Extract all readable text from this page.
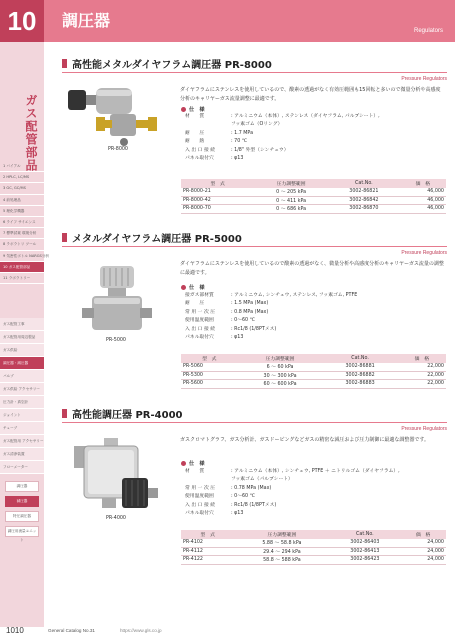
10	調圧器
Regulators
ガス配管部品
1 バイアル
2 HPLC, LC/MS
3 GC, GC/MS
4 前処理品
5 理化学機器
6 ライフ サイエンス
7 標準試薬 環境分析
8 ラボラトリ ツール
9 気密性ボトル NARGS分析
10 ガス配管部品
11 ラボラトリー
ガス配管工事
ガス配管用周辺製品
ガス供給
調圧器・減圧器
バルブ
ガス供給 アクセサリー
圧力計・真空計
ジョイント
チューブ
ガス配管用 アクセサリー
ガス清浄装置
フローメーター
調圧器
減圧器
特圧調圧器
調圧用流量ユニット
高性能メタルダイヤフラム調圧器 PR-8000
Pressure Regulators
PR-8000
ダイヤフラムにステンレスを使用しているので、酸素の透過がなく有効圧範囲も15回転と多いので微量分析や高感度分析のキャリヤーガス流量調整に最適です。
仕　様
材　　質	: アルミニウム（本体）, ステンレス（ダイヤフラム, パルブシート）,
フッ素ゴム（Oリング）
耐　　圧	: 1.7 MPa
耐　　熱	: 70 ℃
入 出 口 接 続	: 1/8" 外型（シンチュウ）
パネル取付穴	: φ13
型　式	圧力調整範囲	Cat.No.	価　格
PR-8000-21	0 〜 205 kPa	3002-86821	46,000
PR-8000-42	0 〜 411 kPa	3002-86842	46,000
PR-8000-70	0 〜 686 kPa	3002-86870	46,000
メタルダイヤフラム調圧器 PR-5000
Pressure Regulators
PR-5000
ダイヤフラムにステンレスを使用しているので酸素の透過がなく、微量分析や高感度分析のキャリヤーガス流量の調整に最適です。
仕　様
接ガス部材質	: アルミニウム, シンチュウ, ステンレス, フッ素ゴム, PTFE
耐　　圧	: 1.5 MPa (Max)
常 用 一 次 圧	: 0.8 MPa (Max)
使用温度範囲	: 0〜60 ℃
入 出 口 接 続	: Rc1/8 (1/8PTメス)
パネル取付穴	: φ13
型　式	圧力調整範囲	Cat.No.	価　格
PR-5060	6 〜 60 kPa	3002-86881	22,000
PR-5300	30 〜 300 kPa	3002-86882	22,000
PR-5600	60 〜 600 kPa	3002-86883	22,000
高性能調圧器 PR-4000
Pressure Regulators
PR-4000
ガスクロマトグラフ、ガス分析計、ガスドーピングなどガスの精密な減圧および圧力制御に最適な調整器です。
仕　様
材　　質	: アルミニウム（本体）, シンチュウ, PTFE ＋ ニトリルゴム（ダイヤフラム）,
フッ素ゴム（パルブシート）
常 用 一 次 圧	: 0.78 MPa (Max)
使用温度範囲	: 0〜60 ℃
入 出 口 接 続	: Rc1/8 (1/8PTメス)
パネル取付穴	: φ13
型　式	圧力調整範囲	Cat.No.	価　格
PR-4102	5.88 〜 58.8 kPa	3002-86403	24,000
PR-4112	29.4 〜 294 kPa	3002-86413	24,000
PR-4122	58.8 〜 588 kPa	3002-86423	24,000
1010	General Catalog No.31	https://www.gls.co.jp
